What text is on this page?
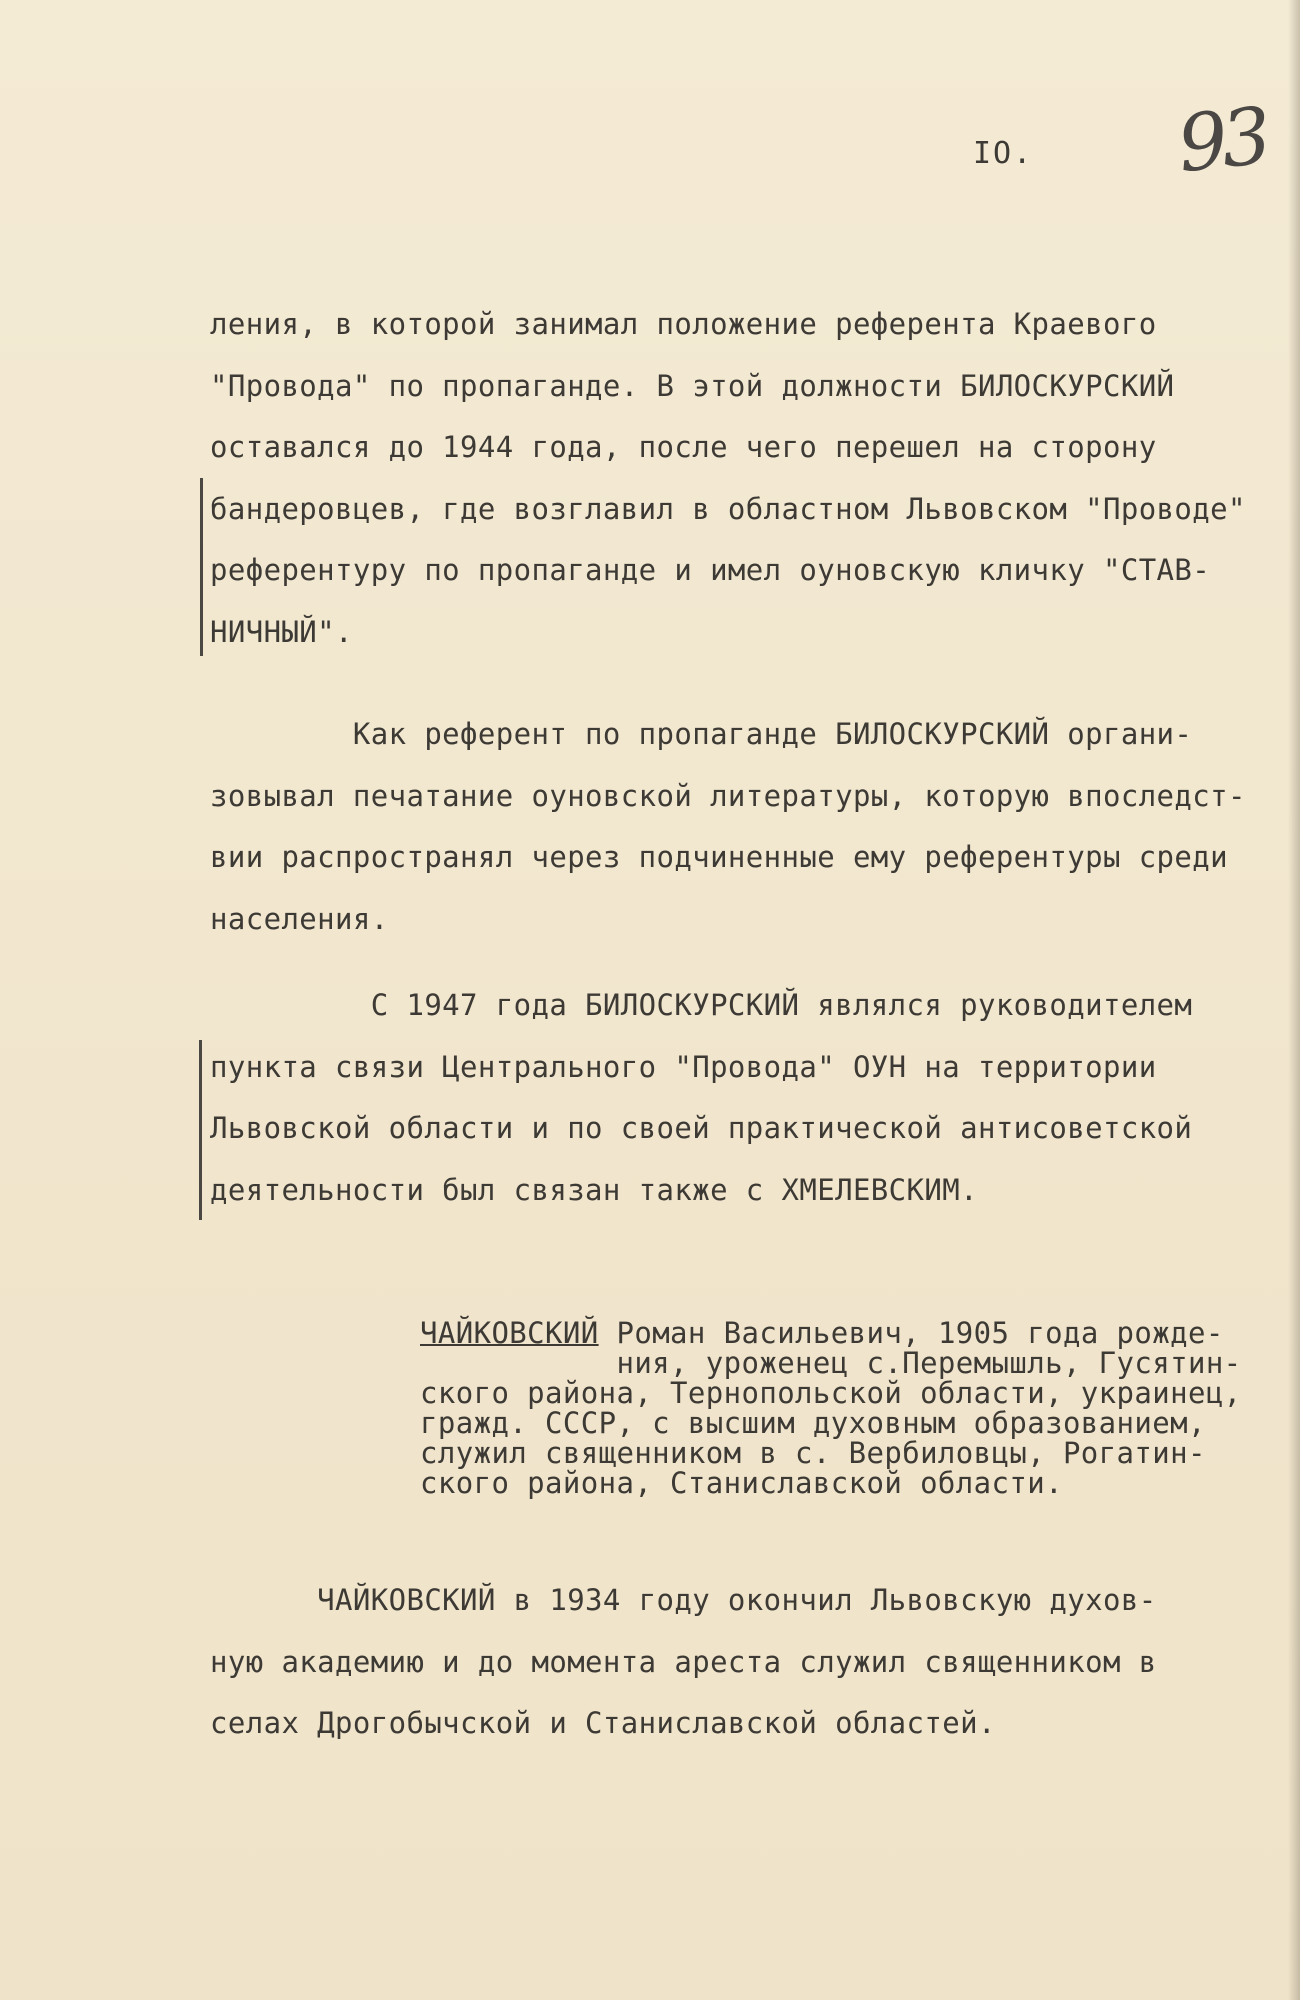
IO. 93
ления, в которой занимал положение референта Краевого
"Провода" по пропаганде. В этой должности БИЛОСКУРСКИЙ
оставался до 1944 года, после чего перешел на сторону
бандеровцев, где возглавил в областном Львовском "Проводе"
референтуру по пропаганде и имел оуновскую кличку "СТАВ-
НИЧНЫЙ".
Как референт по пропаганде БИЛОСКУРСКИЙ органи-
зовывал печатание оуновской литературы, которую впоследст-
вии распространял через подчиненные ему референтуры среди
населения.
С 1947 года БИЛОСКУРСКИЙ являлся руководителем
пункта связи Центрального "Провода" ОУН на территории
Львовской области и по своей практической антисоветской
деятельности был связан также с ХМЕЛЕВСКИМ.
ЧАЙКОВСКИЙ Роман Васильевич, 1905 года рожде-
ния, уроженец с.Перемышль, Гусятин-
ского района, Тернопольской области, украинец,
гражд. СССР, с высшим духовным образованием,
служил священником в с. Вербиловцы, Рогатин-
ского района, Станиславской области.
ЧАЙКОВСКИЙ в 1934 году окончил Львовскую духов-
ную академию и до момента ареста служил священником в
селах Дрогобычской и Станиславской областей.
